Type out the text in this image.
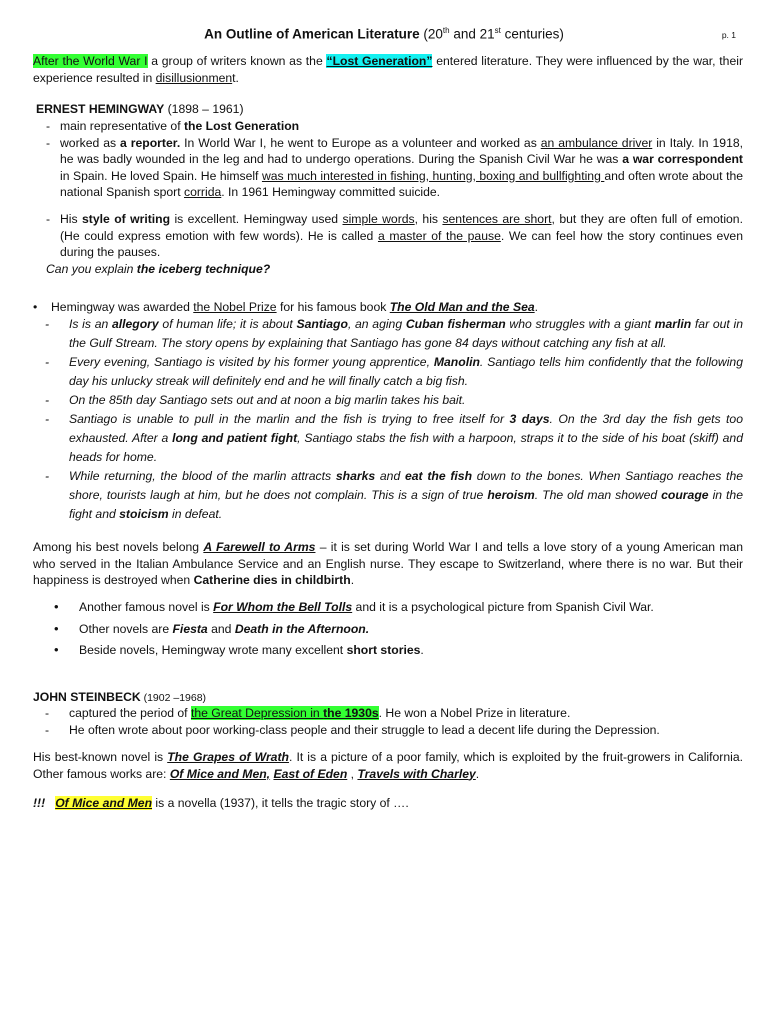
An Outline of American Literature (20th and 21st centuries)	p. 1
After the World War I a group of writers known as the “Lost Generation” entered literature. They were influenced by the war, their experience resulted in disillusionment.
ERNEST HEMINGWAY (1898 – 1961)
- main representative of the Lost Generation
- worked as a reporter. In World War I, he went to Europe as a volunteer and worked as an ambulance driver in Italy. In 1918, he was badly wounded in the leg and had to undergo operations. During the Spanish Civil War he was a war correspondent in Spain. He loved Spain. He himself was much interested in fishing, hunting, boxing and bullfighting and often wrote about the national Spanish sport corrida. In 1961 Hemingway committed suicide.
- His style of writing is excellent. Hemingway used simple words, his sentences are short, but they are often full of emotion. (He could express emotion with few words). He is called a master of the pause. We can feel how the story continues even during the pauses.
Can you explain the iceberg technique?
• Hemingway was awarded the Nobel Prize for his famous book The Old Man and the Sea.
- Is is an allegory of human life; it is about Santiago, an aging Cuban fisherman who struggles with a giant marlin far out in the Gulf Stream. The story opens by explaining that Santiago has gone 84 days without catching any fish at all.
- Every evening, Santiago is visited by his former young apprentice, Manolin. Santiago tells him confidently that the following day his unlucky streak will definitely end and he will finally catch a big fish.
- On the 85th day Santiago sets out and at noon a big marlin takes his bait.
- Santiago is unable to pull in the marlin and the fish is trying to free itself for 3 days. On the 3rd day the fish gets too exhausted. After a long and patient fight, Santiago stabs the fish with a harpoon, straps it to the side of his boat (skiff) and heads for home.
- While returning, the blood of the marlin attracts sharks and eat the fish down to the bones. When Santiago reaches the shore, tourists laugh at him, but he does not complain. This is a sign of true heroism. The old man showed courage in the fight and stoicism in defeat.
Among his best novels belong A Farewell to Arms – it is set during World War I and tells a love story of a young American man who served in the Italian Ambulance Service and an English nurse. They escape to Switzerland, where there is no war. But their happiness is destroyed when Catherine dies in childbirth.
• Another famous novel is For Whom the Bell Tolls and it is a psychological picture from Spanish Civil War.
• Other novels are Fiesta and Death in the Afternoon.
• Beside novels, Hemingway wrote many excellent short stories.
JOHN STEINBECK (1902 –1968)
- captured the period of the Great Depression in the 1930s. He won a Nobel Prize in literature.
- He often wrote about poor working-class people and their struggle to lead a decent life during the Depression.
His best-known novel is The Grapes of Wrath. It is a picture of a poor family, which is exploited by the fruit-growers in California. Other famous works are: Of Mice and Men, East of Eden , Travels with Charley.
!!! Of Mice and Men is a novella (1937), it tells the tragic story of ….
